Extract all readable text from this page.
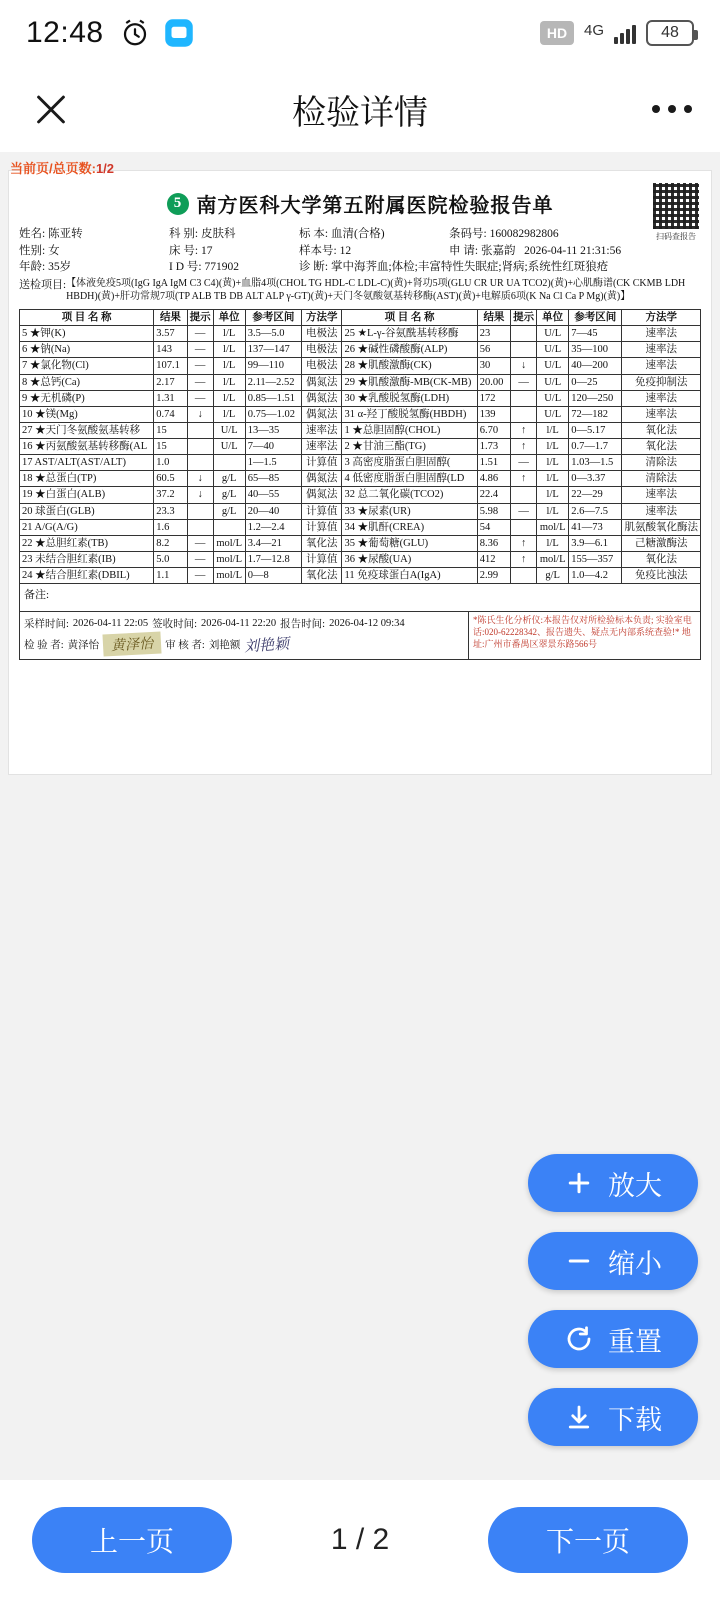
12:48	HD	4G	48
检验详情
当前页/总页数:1/2
5 南方医科大学第五附属医院检验报告单
扫码查报告
姓名: 陈亚转	科 别: 皮肤科	标 本: 血清(合格)	条码号: 160082982806
性别: 女	床 号: 17	样本号: 12	申 请: 张嘉韵 2026-04-11 21:31:56
年龄: 35岁	I D 号: 771902	诊 断: 掌中海荠血;体检;丰富特性失眠症;肾病;系统性红斑狼疮
送检项目: 【体液免疫5项(IgG IgA IgM C3 C4)(黄)+血脂4项(CHOL TG HDL-C LDL-C)(黄)+肾功5项(GLU CR UR UA TCO2)(黄)+心肌酶谱(CK CKMB LDH HBDH)(黄)+肝功常规7项(TP ALB TB DB ALT ALP γ-GT)(黄)+天门冬氨酸氨基转移酶(AST)(黄)+电解质6项(K Na Cl Ca P Mg)(黄)】
项 目 名 称	结果	提示	单位	参考区间	方法学	项 目 名 称	结果	提示	单位	参考区间	方法学
5 ★钾(K)	3.57	—	l/L	3.5—5.0	电极法	25 ★L-γ-谷氨酰基转移酶	23		U/L	7—45	速率法
6 ★钠(Na)	143	—	l/L	137—147	电极法	26 ★碱性磷酸酶(ALP)	56		U/L	35—100	速率法
7 ★氯化物(Cl)	107.1	—	l/L	99—110	电极法	28 ★肌酸激酶(CK)	30	↓	U/L	40—200	速率法
8 ★总钙(Ca)	2.17	—	l/L	2.11—2.52	偶氮法	29 ★肌酸激酶-MB(CK-MB)	20.00	—	U/L	0—25	免疫抑制法
9 ★无机磷(P)	1.31	—	l/L	0.85—1.51	偶氮法	30 ★乳酸脱氢酶(LDH)	172		U/L	120—250	速率法
10 ★镁(Mg)	0.74	↓	l/L	0.75—1.02	偶氮法	31 α-羟丁酸脱氢酶(HBDH)	139		U/L	72—182	速率法
27 ★天门冬氨酸氨基转移	15		U/L	13—35	速率法	1 ★总胆固醇(CHOL)	6.70	↑	l/L	0—5.17	氧化法
16 ★丙氨酸氨基转移酶(AL	15		U/L	7—40	速率法	2 ★甘油三酯(TG)	1.73	↑	l/L	0.7—1.7	氧化法
17 AST/ALT(AST/ALT)	1.0			1—1.5	计算值	3 高密度脂蛋白胆固醇(	1.51	—	l/L	1.03—1.5	清除法
18 ★总蛋白(TP)	60.5	↓	g/L	65—85	偶氮法	4 低密度脂蛋白胆固醇(LD	4.86	↑	l/L	0—3.37	清除法
19 ★白蛋白(ALB)	37.2	↓	g/L	40—55	偶氮法	32 总二氧化碳(TCO2)	22.4		l/L	22—29	速率法
20 球蛋白(GLB)	23.3		g/L	20—40	计算值	33 ★尿素(UR)	5.98	—	l/L	2.6—7.5	速率法
21 A/G(A/G)	1.6			1.2—2.4	计算值	34 ★肌酐(CREA)	54		mol/L	41—73	肌氨酸氧化酶法
22 ★总胆红素(TB)	8.2	—	mol/L	3.4—21	氧化法	35 ★葡萄糖(GLU)	8.36	↑	l/L	3.9—6.1	己糖激酶法
23 未结合胆红素(IB)	5.0	—	mol/L	1.7—12.8	计算值	36 ★尿酸(UA)	412	↑	mol/L	155—357	氧化法
24 ★结合胆红素(DBIL)	1.1	—	mol/L	0—8	氧化法	11 免疫球蛋白A(IgA)	2.99		g/L	1.0—4.2	免疫比浊法
备注:
采样时间: 2026-04-11 22:05 签收时间: 2026-04-11 22:20 报告时间: 2026-04-12 09:34
检 验 者: 黄泽怡 黄泽怡	审 核 者: 刘艳额 刘艳颖
*陈氏生化分析仪:本报告仅对所检验标本负责; 实验室电话:020-62228342、报告遗失、疑点无内部系统查验!* 地址:广州市番禺区翠景东路566号
放大
缩小
重置
下载
上一页	1 / 2	下一页
